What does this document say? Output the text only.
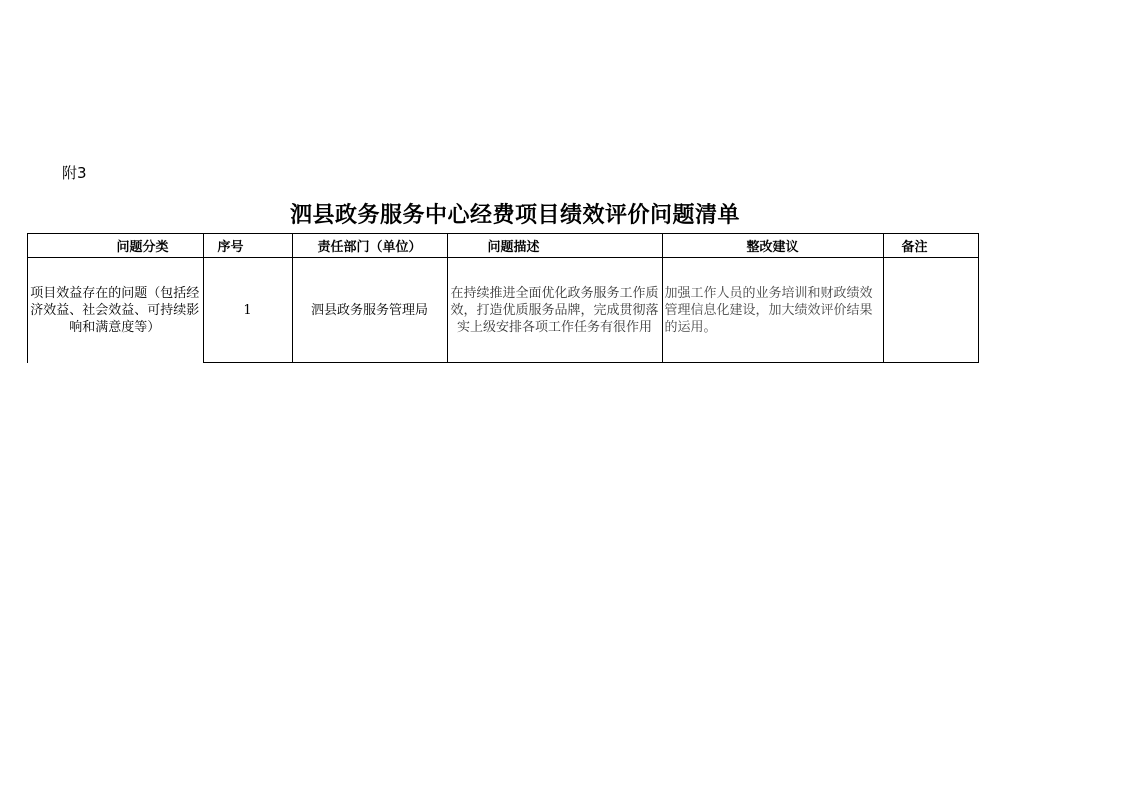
附3
泗县政务服务中心经费项目绩效评价问题清单
问题分类	序号	责任部门（单位）	问题描述	整改建议	备注
项目效益存在的问题（包括经济效益、社会效益、可持续影响和满意度等）	1	泗县政务服务管理局	在持续推进全面优化政务服务工作质效，打造优质服务品牌，完成贯彻落实上级安排各项工作任务有很作用	加强工作人员的业务培训和财政绩效管理信息化建设，加大绩效评价结果的运用。	
